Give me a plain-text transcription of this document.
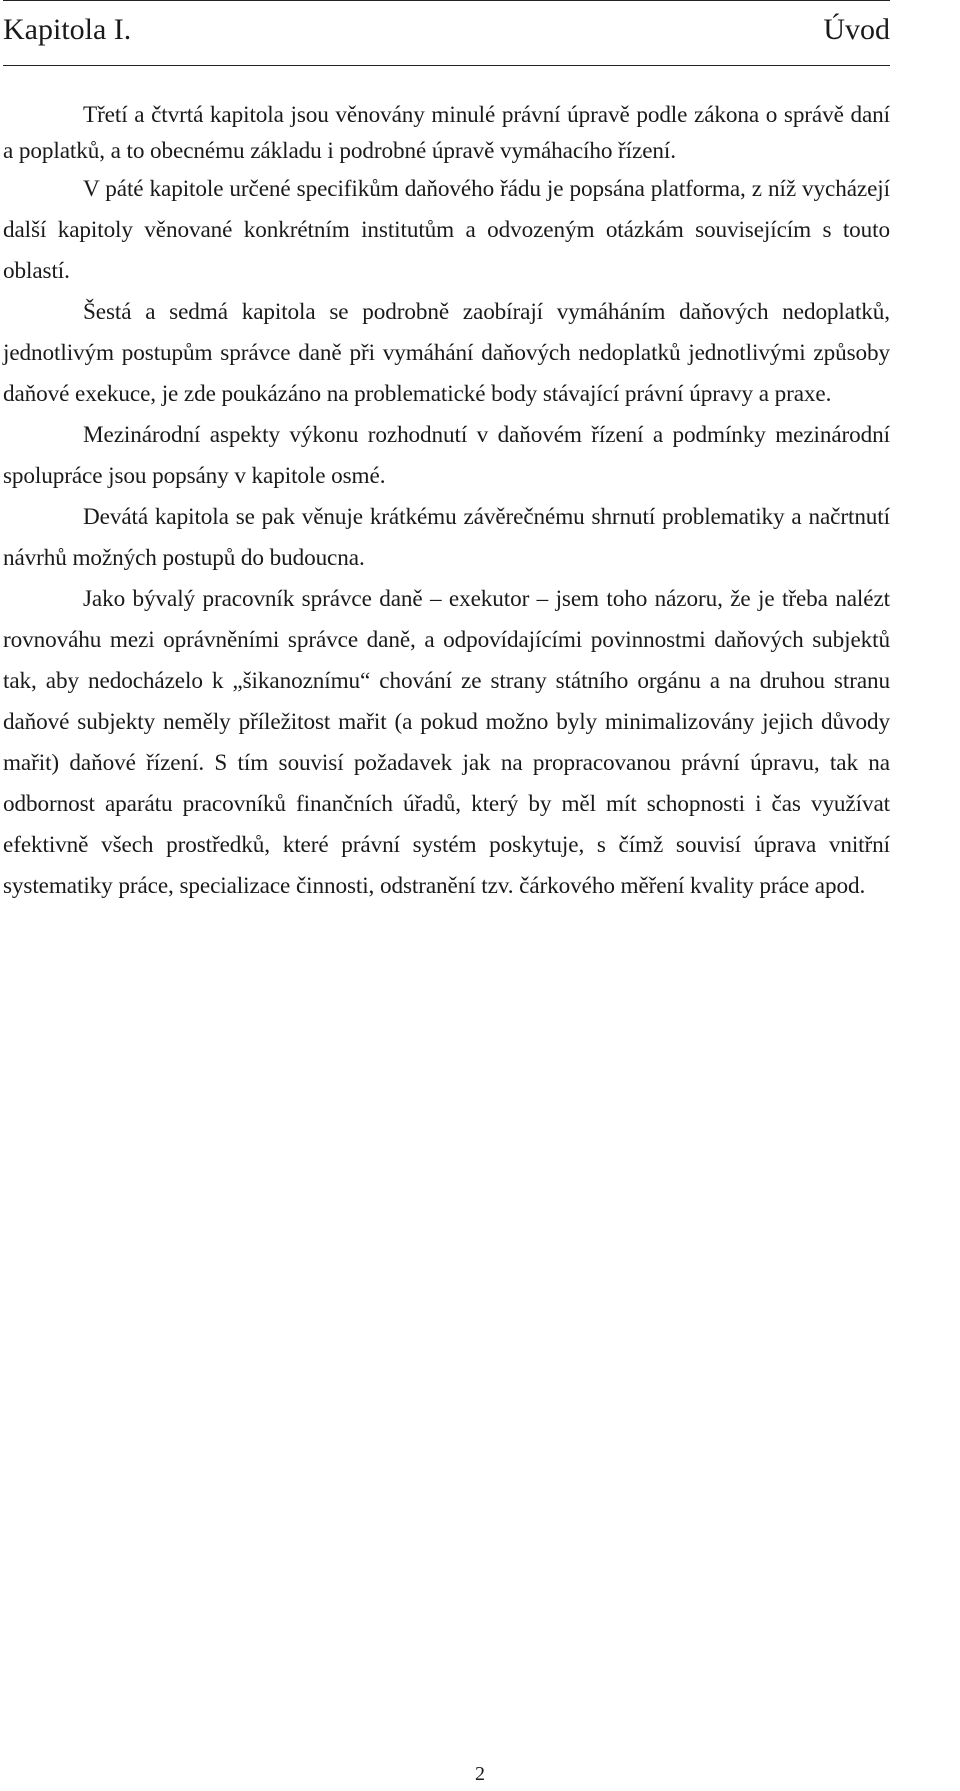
Kapitola I.	Úvod

Třetí a čtvrtá kapitola jsou věnovány minulé právní úpravě podle zákona o správě daní a poplatků, a to obecnému základu i podrobné úpravě vymáhacího řízení.

V páté kapitole určené specifikům daňového řádu je popsána platforma, z níž vycházejí další kapitoly věnované konkrétním institutům a odvozeným otázkám souvisejícím s touto oblastí.

Šestá a sedmá kapitola se podrobně zaobírají vymáháním daňových nedoplatků, jednotlivým postupům správce daně při vymáhání daňových nedoplatků jednotlivými způsoby daňové exekuce, je zde poukázáno na problematické body stávající právní úpravy a praxe.

Mezinárodní aspekty výkonu rozhodnutí v daňovém řízení a podmínky mezinárodní spolupráce jsou popsány v kapitole osmé.

Devátá kapitola se pak věnuje krátkému závěrečnému shrnutí problematiky a načrtnutí návrhů možných postupů do budoucna.

Jako bývalý pracovník správce daně – exekutor – jsem toho názoru, že je třeba nalézt rovnováhu mezi oprávněními správce daně, a odpovídajícími povinnostmi daňových subjektů tak, aby nedocházelo k „šikanoznímu“ chování ze strany státního orgánu a na druhou stranu daňové subjekty neměly příležitost mařit (a pokud možno byly minimalizovány jejich důvody mařit) daňové řízení. S tím souvisí požadavek jak na propracovanou právní úpravu, tak na odbornost aparátu pracovníků finančních úřadů, který by měl mít schopnosti i čas využívat efektivně všech prostředků, které právní systém poskytuje, s čímž souvisí úprava vnitřní systematiky práce, specializace činnosti, odstranění tzv. čárkového měření kvality práce apod.

2
